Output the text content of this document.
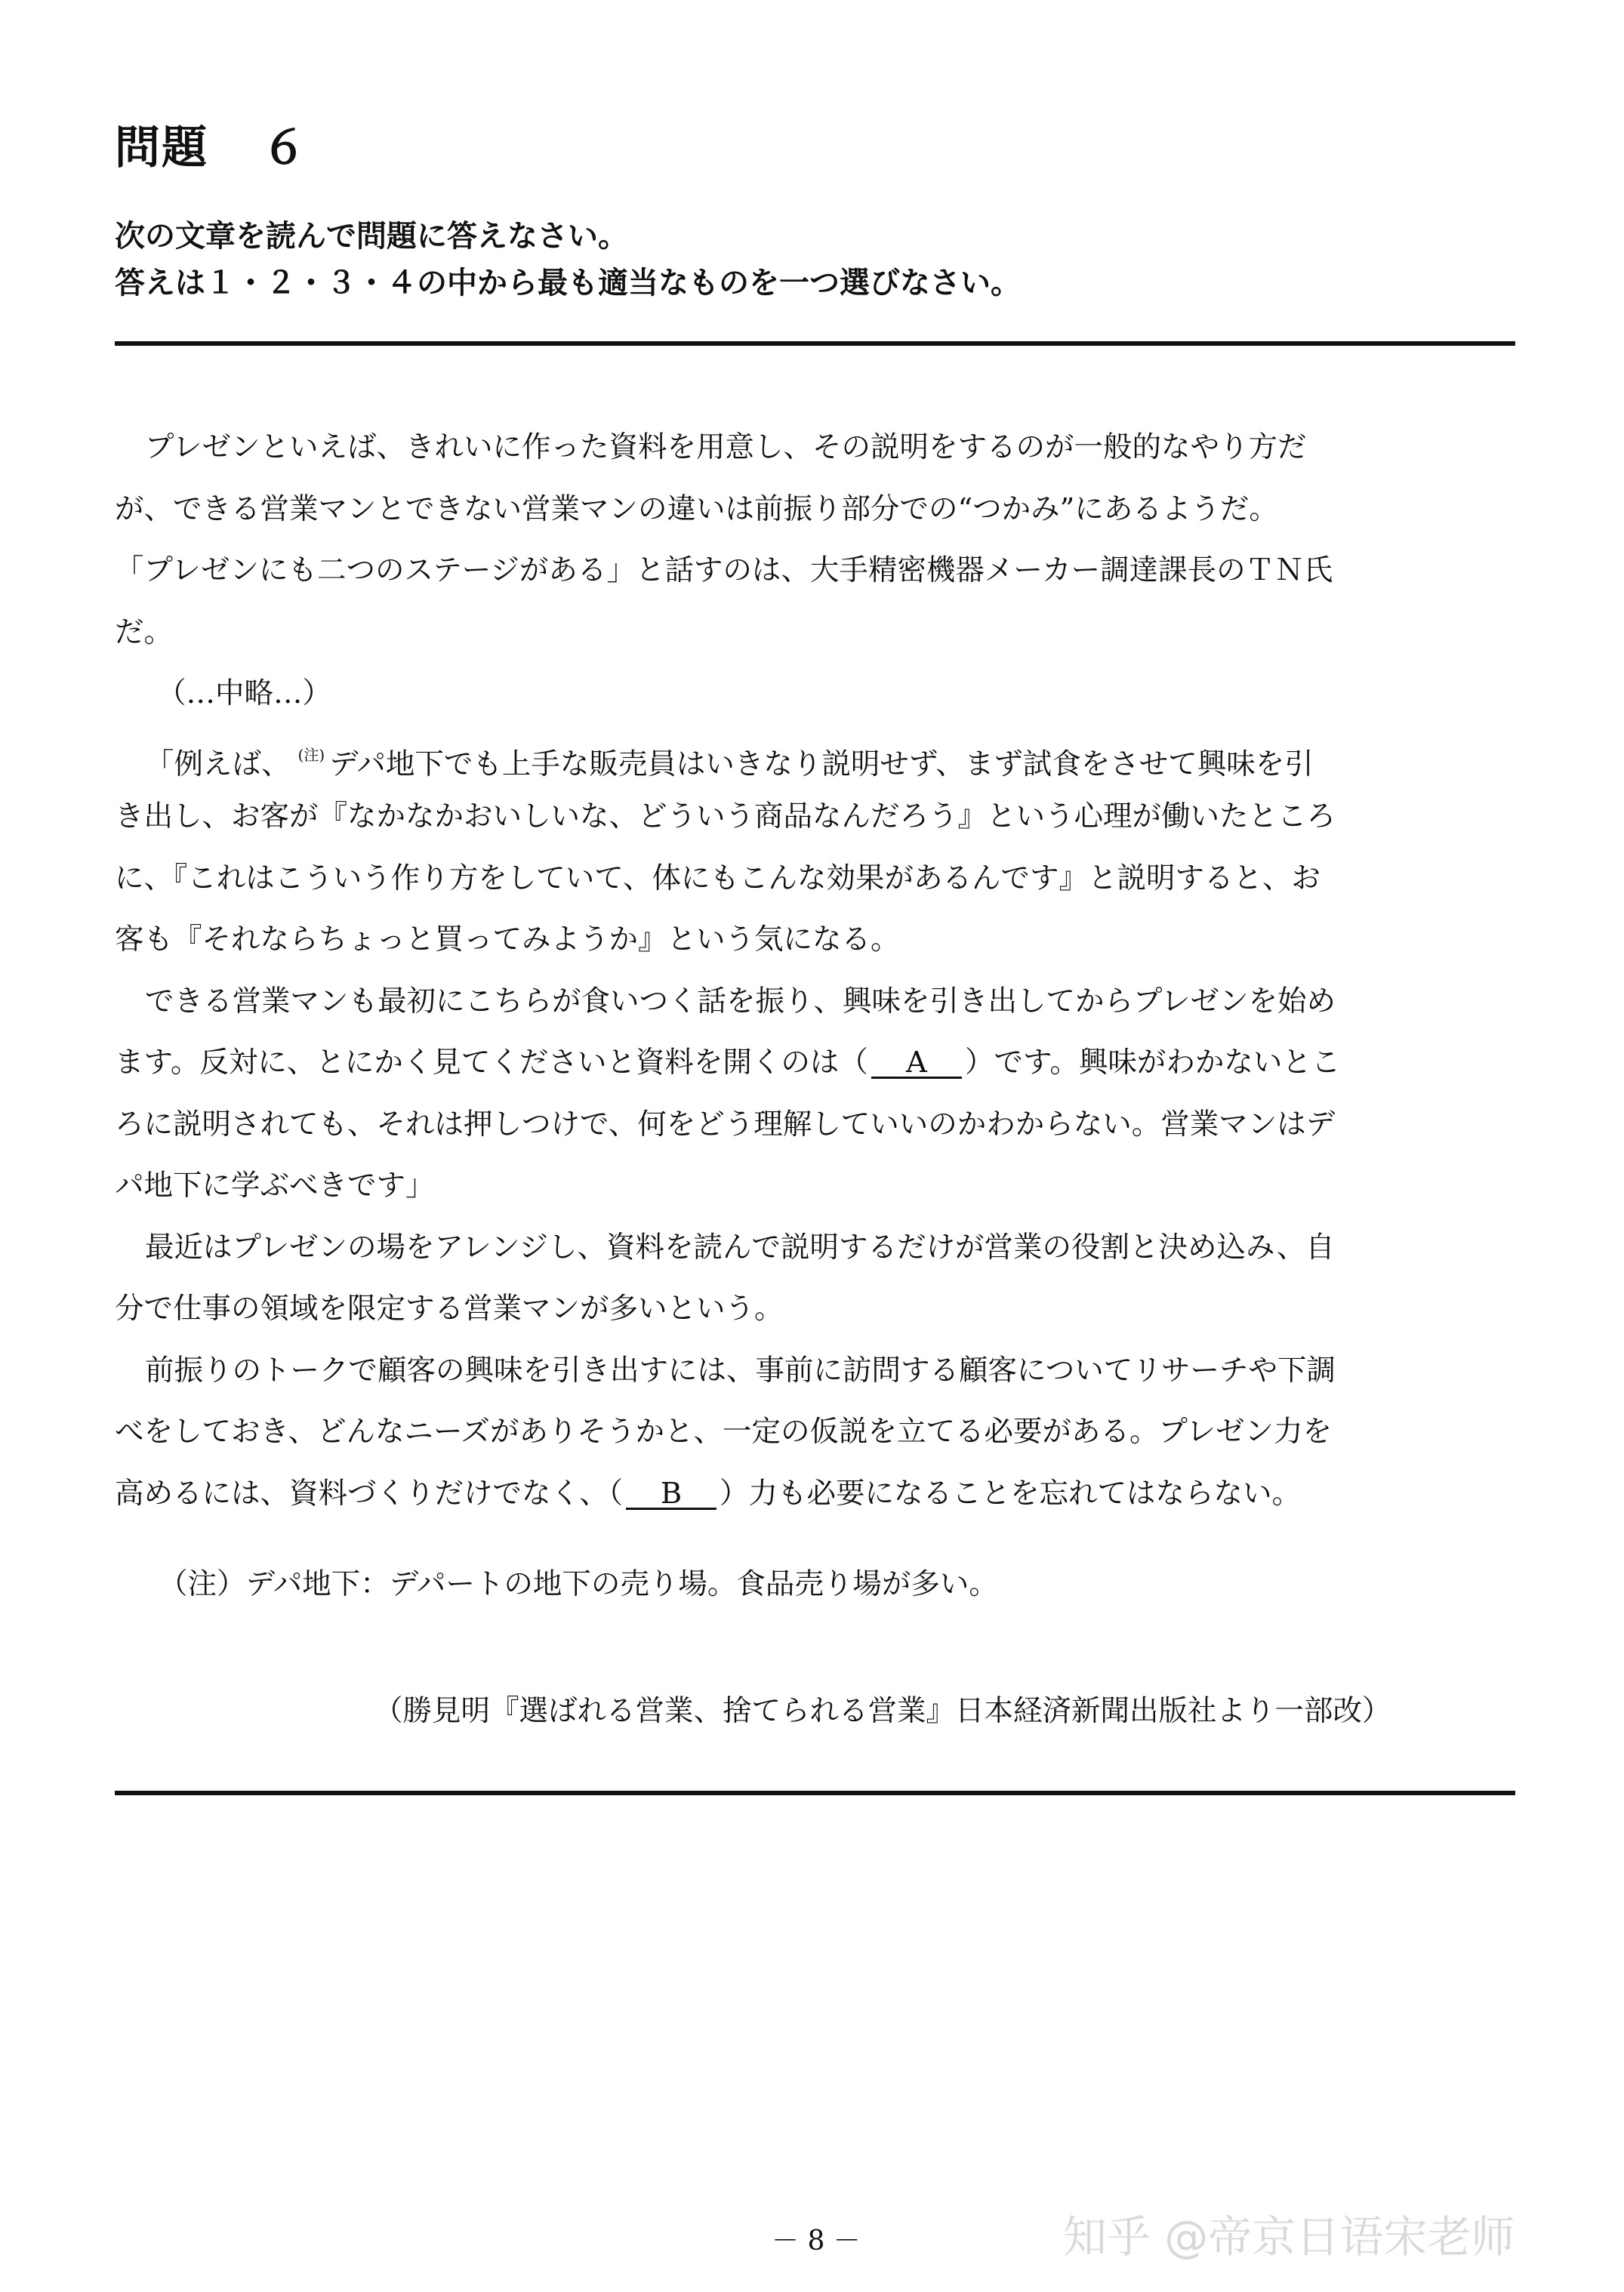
問題 ６
次の文章を読んで問題に答えなさい。
答えは１・２・３・４の中から最も適当なものを一つ選びなさい。
プレゼンといえば、きれいに作った資料を用意し、その説明をするのが一般的なやり方だ
が、できる営業マンとできない営業マンの違いは前振り部分での“つかみ”にあるようだ。
「プレゼンにも二つのステージがある」と話すのは、大手精密機器メーカー調達課長のＴＮ氏
だ。
（…中略…）
「例えば、 $^{(注)}$ デパ地下でも上手な販売員はいきなり説明せず、まず試食をさせて興味を引
き出し、お客が『なかなかおいしいな、どういう商品なんだろう』という心理が働いたところ
に、『これはこういう作り方をしていて、体にもこんな効果があるんです』と説明すると、お
客も『それならちょっと買ってみようか』という気になる。
できる営業マンも最初にこちらが食いつく話を振り、興味を引き出してからプレゼンを始め
ます。反対に、とにかく見てくださいと資料を開くのは（ A ）です。興味がわかないとこ
ろに説明されても、それは押しつけで、何をどう理解していいのかわからない。営業マンはデ
パ地下に学ぶべきです」
最近はプレゼンの場をアレンジし、資料を読んで説明するだけが営業の役割と決め込み、自
分で仕事の領域を限定する営業マンが多いという。
前振りのトークで顧客の興味を引き出すには、事前に訪問する顧客についてリサーチや下調
べをしておき、どんなニーズがありそうかと、一定の仮説を立てる必要がある。プレゼン力を
高めるには、資料づくりだけでなく、（ B ）力も必要になることを忘れてはならない。
（注）デパ地下：デパートの地下の売り場。食品売り場が多い。
（勝見明『選ばれる営業、捨てられる営業』日本経済新聞出版社より一部改）
－ 8 －	知乎 @帝京日语宋老师
